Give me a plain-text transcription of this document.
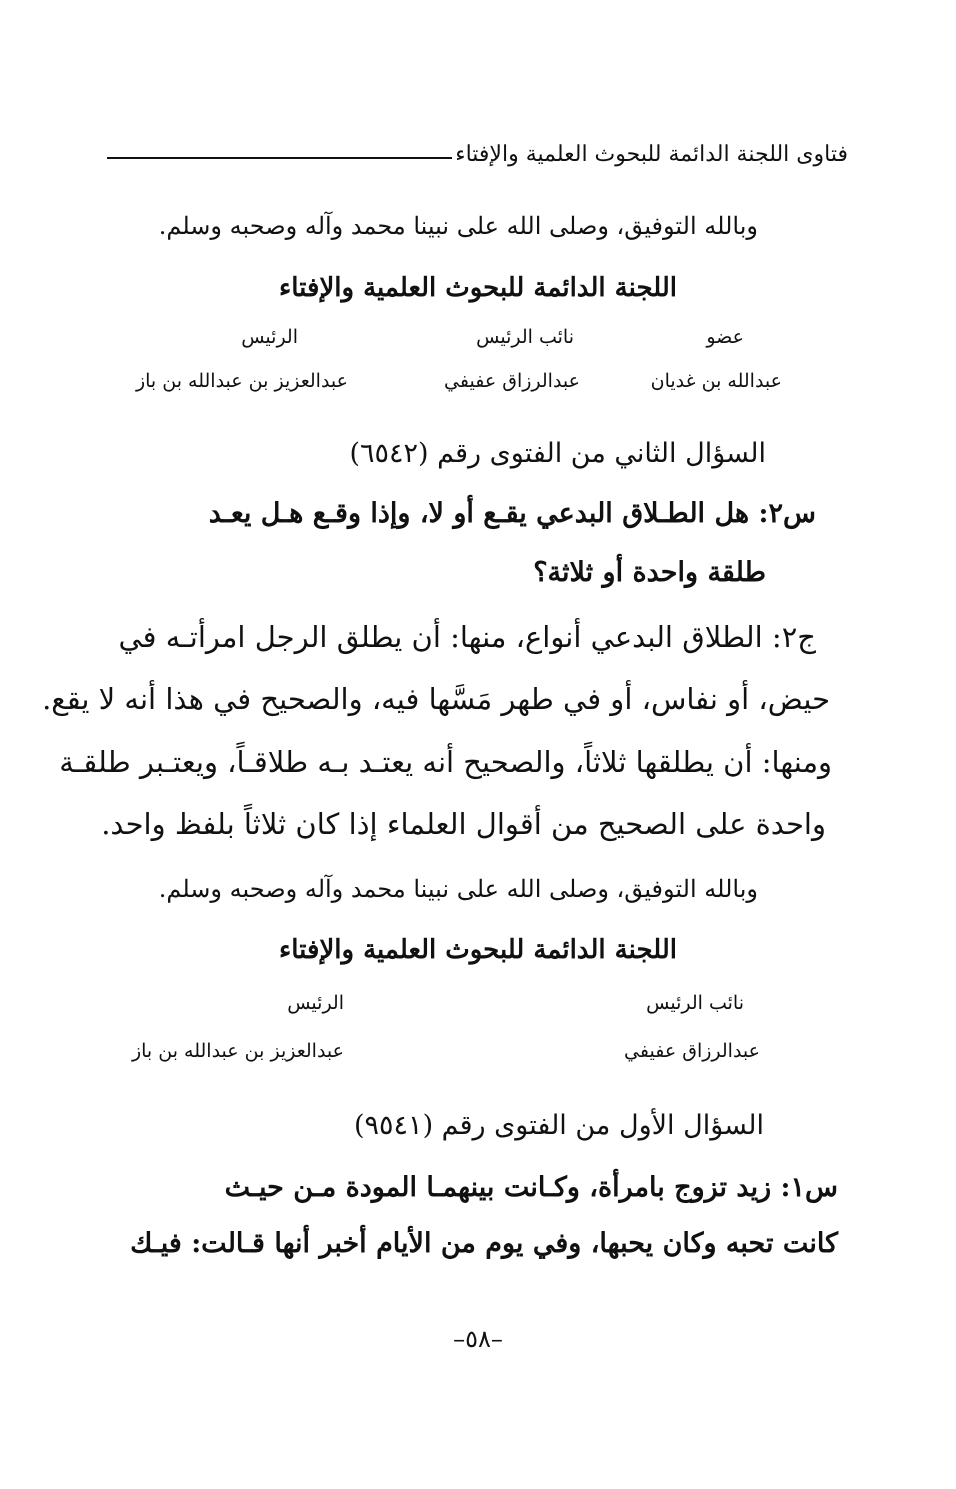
فتاوى اللجنة الدائمة للبحوث العلمية والإفتاء
وبالله التوفيق، وصلى الله على نبينا محمد وآله وصحبه وسلم.
اللجنة الدائمة للبحوث العلمية والإفتاء
عضو
نائب الرئيس
الرئيس
عبدالله بن غديان
عبدالرزاق عفيفي
عبدالعزيز بن عبدالله بن باز
السؤال الثاني من الفتوى رقم (٦٥٤٢)
س٢: هل الطـلاق البدعي يقـع أو لا، وإذا وقـع هـل يعـد
طلقة واحدة أو ثلاثة؟
ج٢: الطلاق البدعي أنواع، منها: أن يطلق الرجل امرأتـه في
حيض، أو نفاس، أو في طهر مَسَّها فيه، والصحيح في هذا أنه لا يقع.
ومنها: أن يطلقها ثلاثاً، والصحيح أنه يعتـد بـه طلاقـاً، ويعتـبر طلقـة
واحدة على الصحيح من أقوال العلماء إذا كان ثلاثاً بلفظ واحد.
وبالله التوفيق، وصلى الله على نبينا محمد وآله وصحبه وسلم.
اللجنة الدائمة للبحوث العلمية والإفتاء
نائب الرئيس
الرئيس
عبدالرزاق عفيفي
عبدالعزيز بن عبدالله بن باز
السؤال الأول من الفتوى رقم (٩٥٤١)
س١: زيد تزوج بامرأة، وكـانت بينهمـا المودة مـن حيـث
كانت تحبه وكان يحبها، وفي يوم من الأيام أخبر أنها قـالت: فيـك
–٥٨–
